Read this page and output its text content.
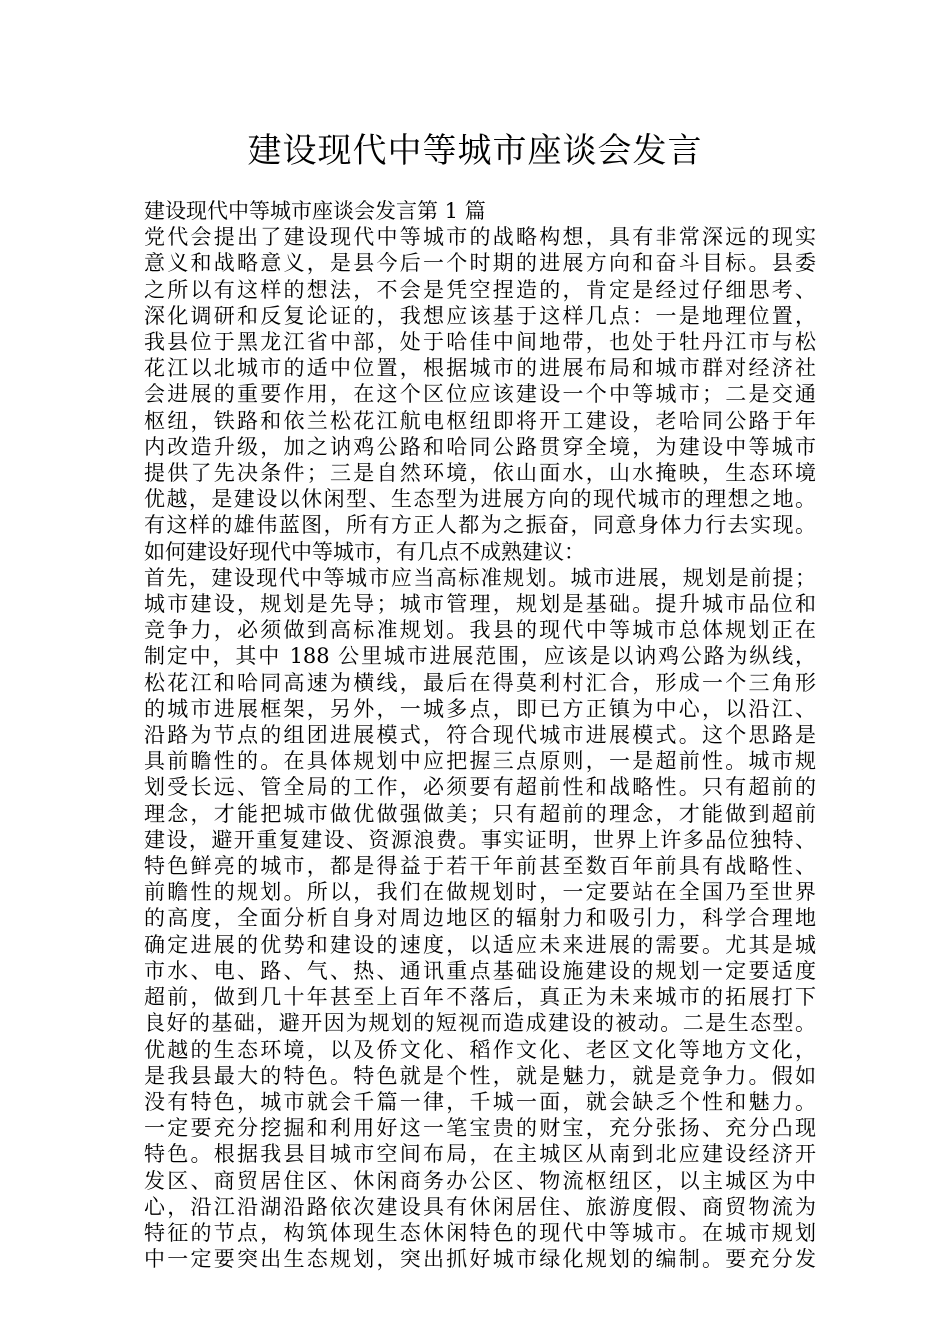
建设现代中等城市座谈会发言
建设现代中等城市座谈会发言第 1 篇
党代会提出了建设现代中等城市的战略构想，具有非常深远的现实
意义和战略意义，是县今后一个时期的进展方向和奋斗目标。县委
之所以有这样的想法，不会是凭空捏造的，肯定是经过仔细思考、
深化调研和反复论证的，我想应该基于这样几点：一是地理位置，
我县位于黑龙江省中部，处于哈佳中间地带，也处于牡丹江市与松
花江以北城市的适中位置，根据城市的进展布局和城市群对经济社
会进展的重要作用，在这个区位应该建设一个中等城市；二是交通
枢纽，铁路和依兰松花江航电枢纽即将开工建设，老哈同公路于年
内改造升级，加之讷鸡公路和哈同公路贯穿全境，为建设中等城市
提供了先决条件；三是自然环境，依山面水，山水掩映，生态环境
优越，是建设以休闲型、生态型为进展方向的现代城市的理想之地。
有这样的雄伟蓝图，所有方正人都为之振奋，同意身体力行去实现。
如何建设好现代中等城市，有几点不成熟建议：
首先，建设现代中等城市应当高标准规划。城市进展，规划是前提；
城市建设，规划是先导；城市管理，规划是基础。提升城市品位和
竞争力，必须做到高标准规划。我县的现代中等城市总体规划正在
制定中，其中 188 公里城市进展范围，应该是以讷鸡公路为纵线，
松花江和哈同高速为横线，最后在得莫利村汇合，形成一个三角形
的城市进展框架，另外，一城多点，即已方正镇为中心，以沿江、
沿路为节点的组团进展模式，符合现代城市进展模式。这个思路是
具前瞻性的。在具体规划中应把握三点原则，一是超前性。城市规
划受长远、管全局的工作，必须要有超前性和战略性。只有超前的
理念，才能把城市做优做强做美；只有超前的理念，才能做到超前
建设，避开重复建设、资源浪费。事实证明，世界上许多品位独特、
特色鲜亮的城市，都是得益于若干年前甚至数百年前具有战略性、
前瞻性的规划。所以，我们在做规划时，一定要站在全国乃至世界
的高度，全面分析自身对周边地区的辐射力和吸引力，科学合理地
确定进展的优势和建设的速度，以适应未来进展的需要。尤其是城
市水、电、路、气、热、通讯重点基础设施建设的规划一定要适度
超前，做到几十年甚至上百年不落后，真正为未来城市的拓展打下
良好的基础，避开因为规划的短视而造成建设的被动。二是生态型。
优越的生态环境，以及侨文化、稻作文化、老区文化等地方文化，
是我县最大的特色。特色就是个性，就是魅力，就是竞争力。假如
没有特色，城市就会千篇一律，千城一面，就会缺乏个性和魅力。
一定要充分挖掘和利用好这一笔宝贵的财宝，充分张扬、充分凸现
特色。根据我县目城市空间布局，在主城区从南到北应建设经济开
发区、商贸居住区、休闲商务办公区、物流枢纽区，以主城区为中
心，沿江沿湖沿路依次建设具有休闲居住、旅游度假、商贸物流为
特征的节点，构筑体现生态休闲特色的现代中等城市。在城市规划
中一定要突出生态规划，突出抓好城市绿化规划的编制。要充分发
